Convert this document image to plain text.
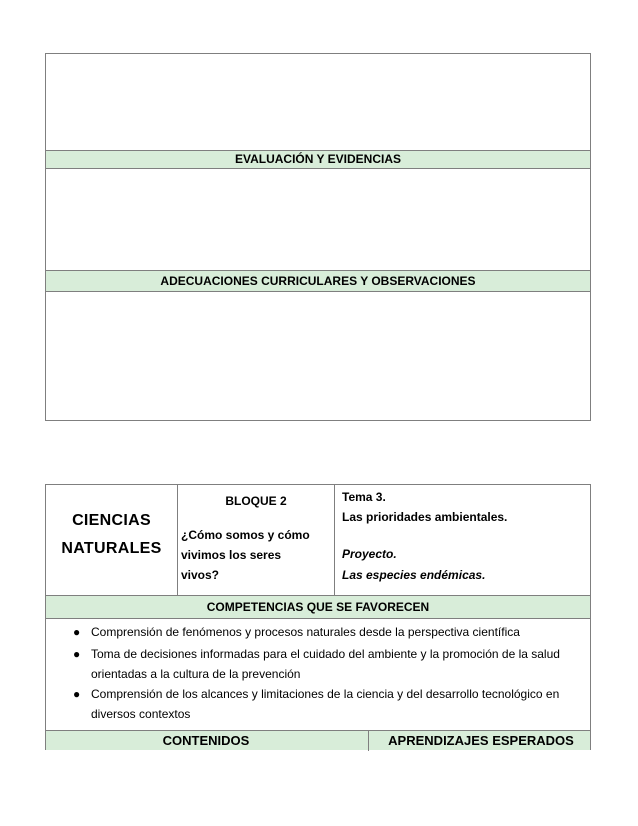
EVALUACIÓN Y EVIDENCIAS
ADECUACIONES CURRICULARES Y OBSERVACIONES
CIENCIAS
NATURALES
BLOQUE 2
¿Cómo somos y cómo
vivimos los seres
vivos?
Tema 3.
Las prioridades ambientales.
Proyecto.
Las especies endémicas.
COMPETENCIAS QUE SE FAVORECEN
● Comprensión de fenómenos y procesos naturales desde la perspectiva científica
● Toma de decisiones informadas para el cuidado del ambiente y la promoción de la salud
orientadas a la cultura de la prevención
● Comprensión de los alcances y limitaciones de la ciencia y del desarrollo tecnológico en
diversos contextos
CONTENIDOS	APRENDIZAJES ESPERADOS
